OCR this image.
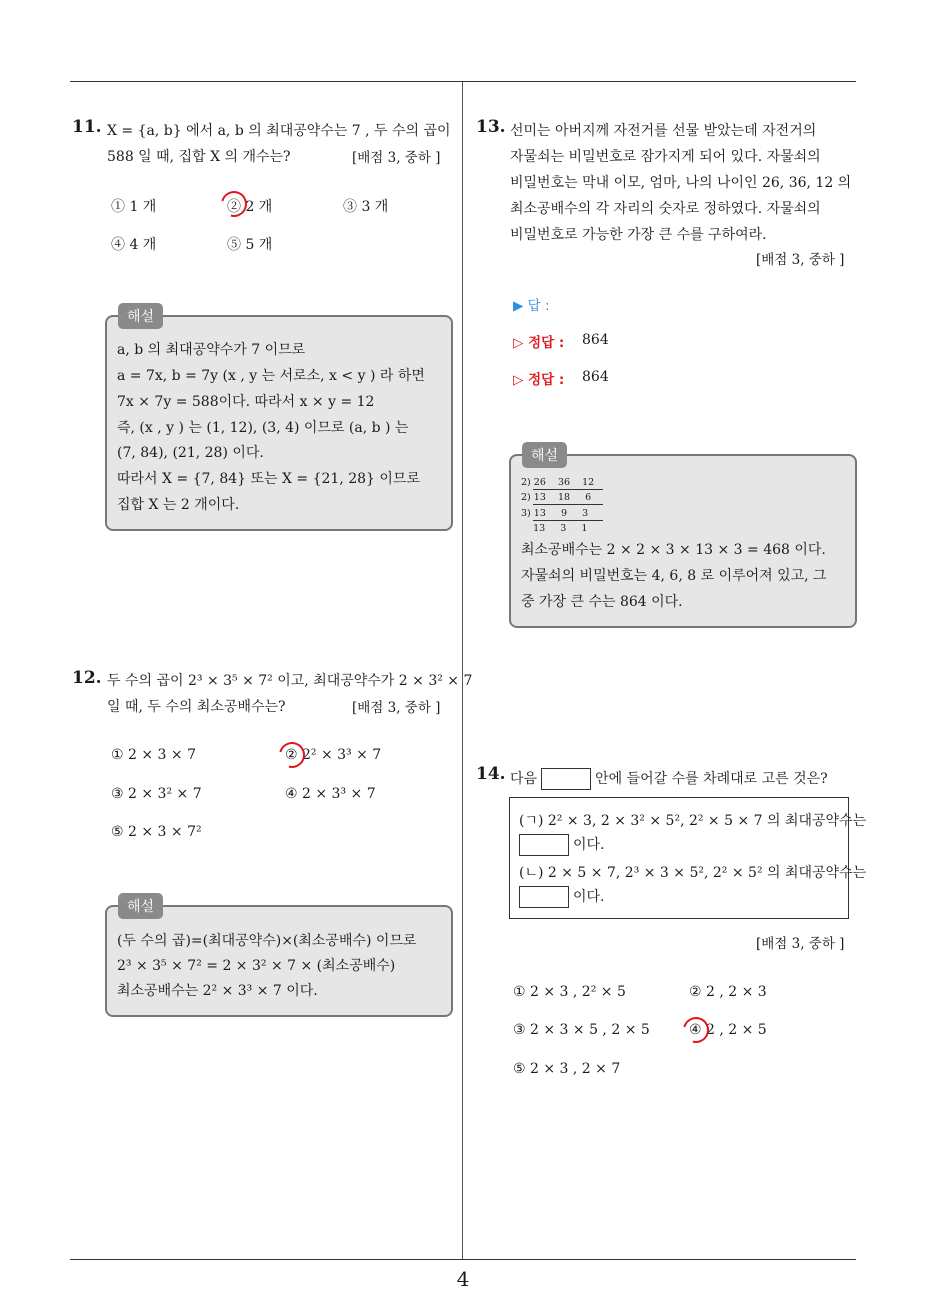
11. X = {a, b} 에서 a, b 의 최대공약수는 7 , 두 수의 곱이
588 일 때, 집합 X 의 개수는?	[배점 3, 중하 ]
① 1 개	② 2 개	③ 3 개
④ 4 개	⑤ 5 개
해설
a, b 의 최대공약수가 7 이므로
a = 7x, b = 7y (x , y 는 서로소, x < y ) 라 하면
7x × 7y = 588이다. 따라서 x × y = 12
즉, (x , y ) 는 (1, 12), (3, 4) 이므로 (a, b ) 는
(7, 84), (21, 28) 이다.
따라서 X = {7, 84} 또는 X = {21, 28} 이므로
집합 X 는 2 개이다.
12. 두 수의 곱이 2³ × 3⁵ × 7² 이고, 최대공약수가 2 × 3² × 7
일 때, 두 수의 최소공배수는?	[배점 3, 중하 ]
① 2 × 3 × 7	② 2² × 3³ × 7
③ 2 × 3² × 7	④ 2 × 3³ × 7
⑤ 2 × 3 × 7²
해설
(두 수의 곱)=(최대공약수)×(최소공배수) 이므로
2³ × 3⁵ × 7² = 2 × 3² × 7 × (최소공배수)
최소공배수는 2² × 3³ × 7 이다.
13. 선미는 아버지께 자전거를 선물 받았는데 자전거의
자물쇠는 비밀번호로 잠가지게 되어 있다. 자물쇠의
비밀번호는 막내 이모, 엄마, 나의 나이인 26, 36, 12 의
최소공배수의 각 자리의 숫자로 정하였다. 자물쇠의
비밀번호로 가능한 가장 큰 수를 구하여라.
[배점 3, 중하 ]
▶ 답 :
▷ 정답 : 864
▷ 정답 : 864
해설
2) 26    36    12
2) 13    18     6
3) 13     9     3
13     3     1
최소공배수는 2 × 2 × 3 × 13 × 3 = 468 이다.
자물쇠의 비밀번호는 4, 6, 8 로 이루어져 있고, 그
중 가장 큰 수는 864 이다.
14. 다음	안에 들어갈 수를 차례대로 고른 것은?
(ㄱ) 2² × 3, 2 × 3² × 5², 2² × 5 × 7 의 최대공약수는
이다.
(ㄴ) 2 × 5 × 7, 2³ × 3 × 5², 2² × 5² 의 최대공약수는
이다.
[배점 3, 중하 ]
① 2 × 3 , 2² × 5	② 2 , 2 × 3
③ 2 × 3 × 5 , 2 × 5	④ 2 , 2 × 5
⑤ 2 × 3 , 2 × 7
4
